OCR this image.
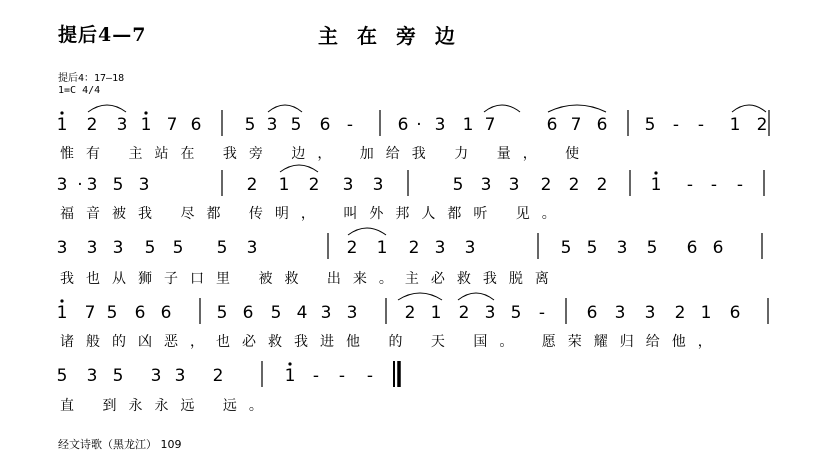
提后4—7	主 在 旁 边
提后4：17—18
1=C 4/4
1 2 3 1 7 6	5 3 5 6 -	6 · 3 1 7	6 7 6 5 - - 1 2
惟有 主站在 我旁 边， 加给我 力 量， 使
3 · 3 5 3	2 1 2 3 3	5 3 3 2 2 2	1 - - -
福音被我 尽都 传明， 叫外邦人都听 见。
3 3 3 5 5 5 3	2 1 2 3 3	5 5 3 5 6 6
我也从狮子口里 被救 出来。主必救我脱离
1 7 5 6 6	5 6 5 4 3 3	2 1 2 3 5 - 6 3 3 2 1 6
诸般的凶恶，也必救我进他 的 天 国。 愿荣耀归给他，
5 3 5 3 3 2	1 - - -
直 到永永远 远。
经文诗歌（黑龙江） 109
